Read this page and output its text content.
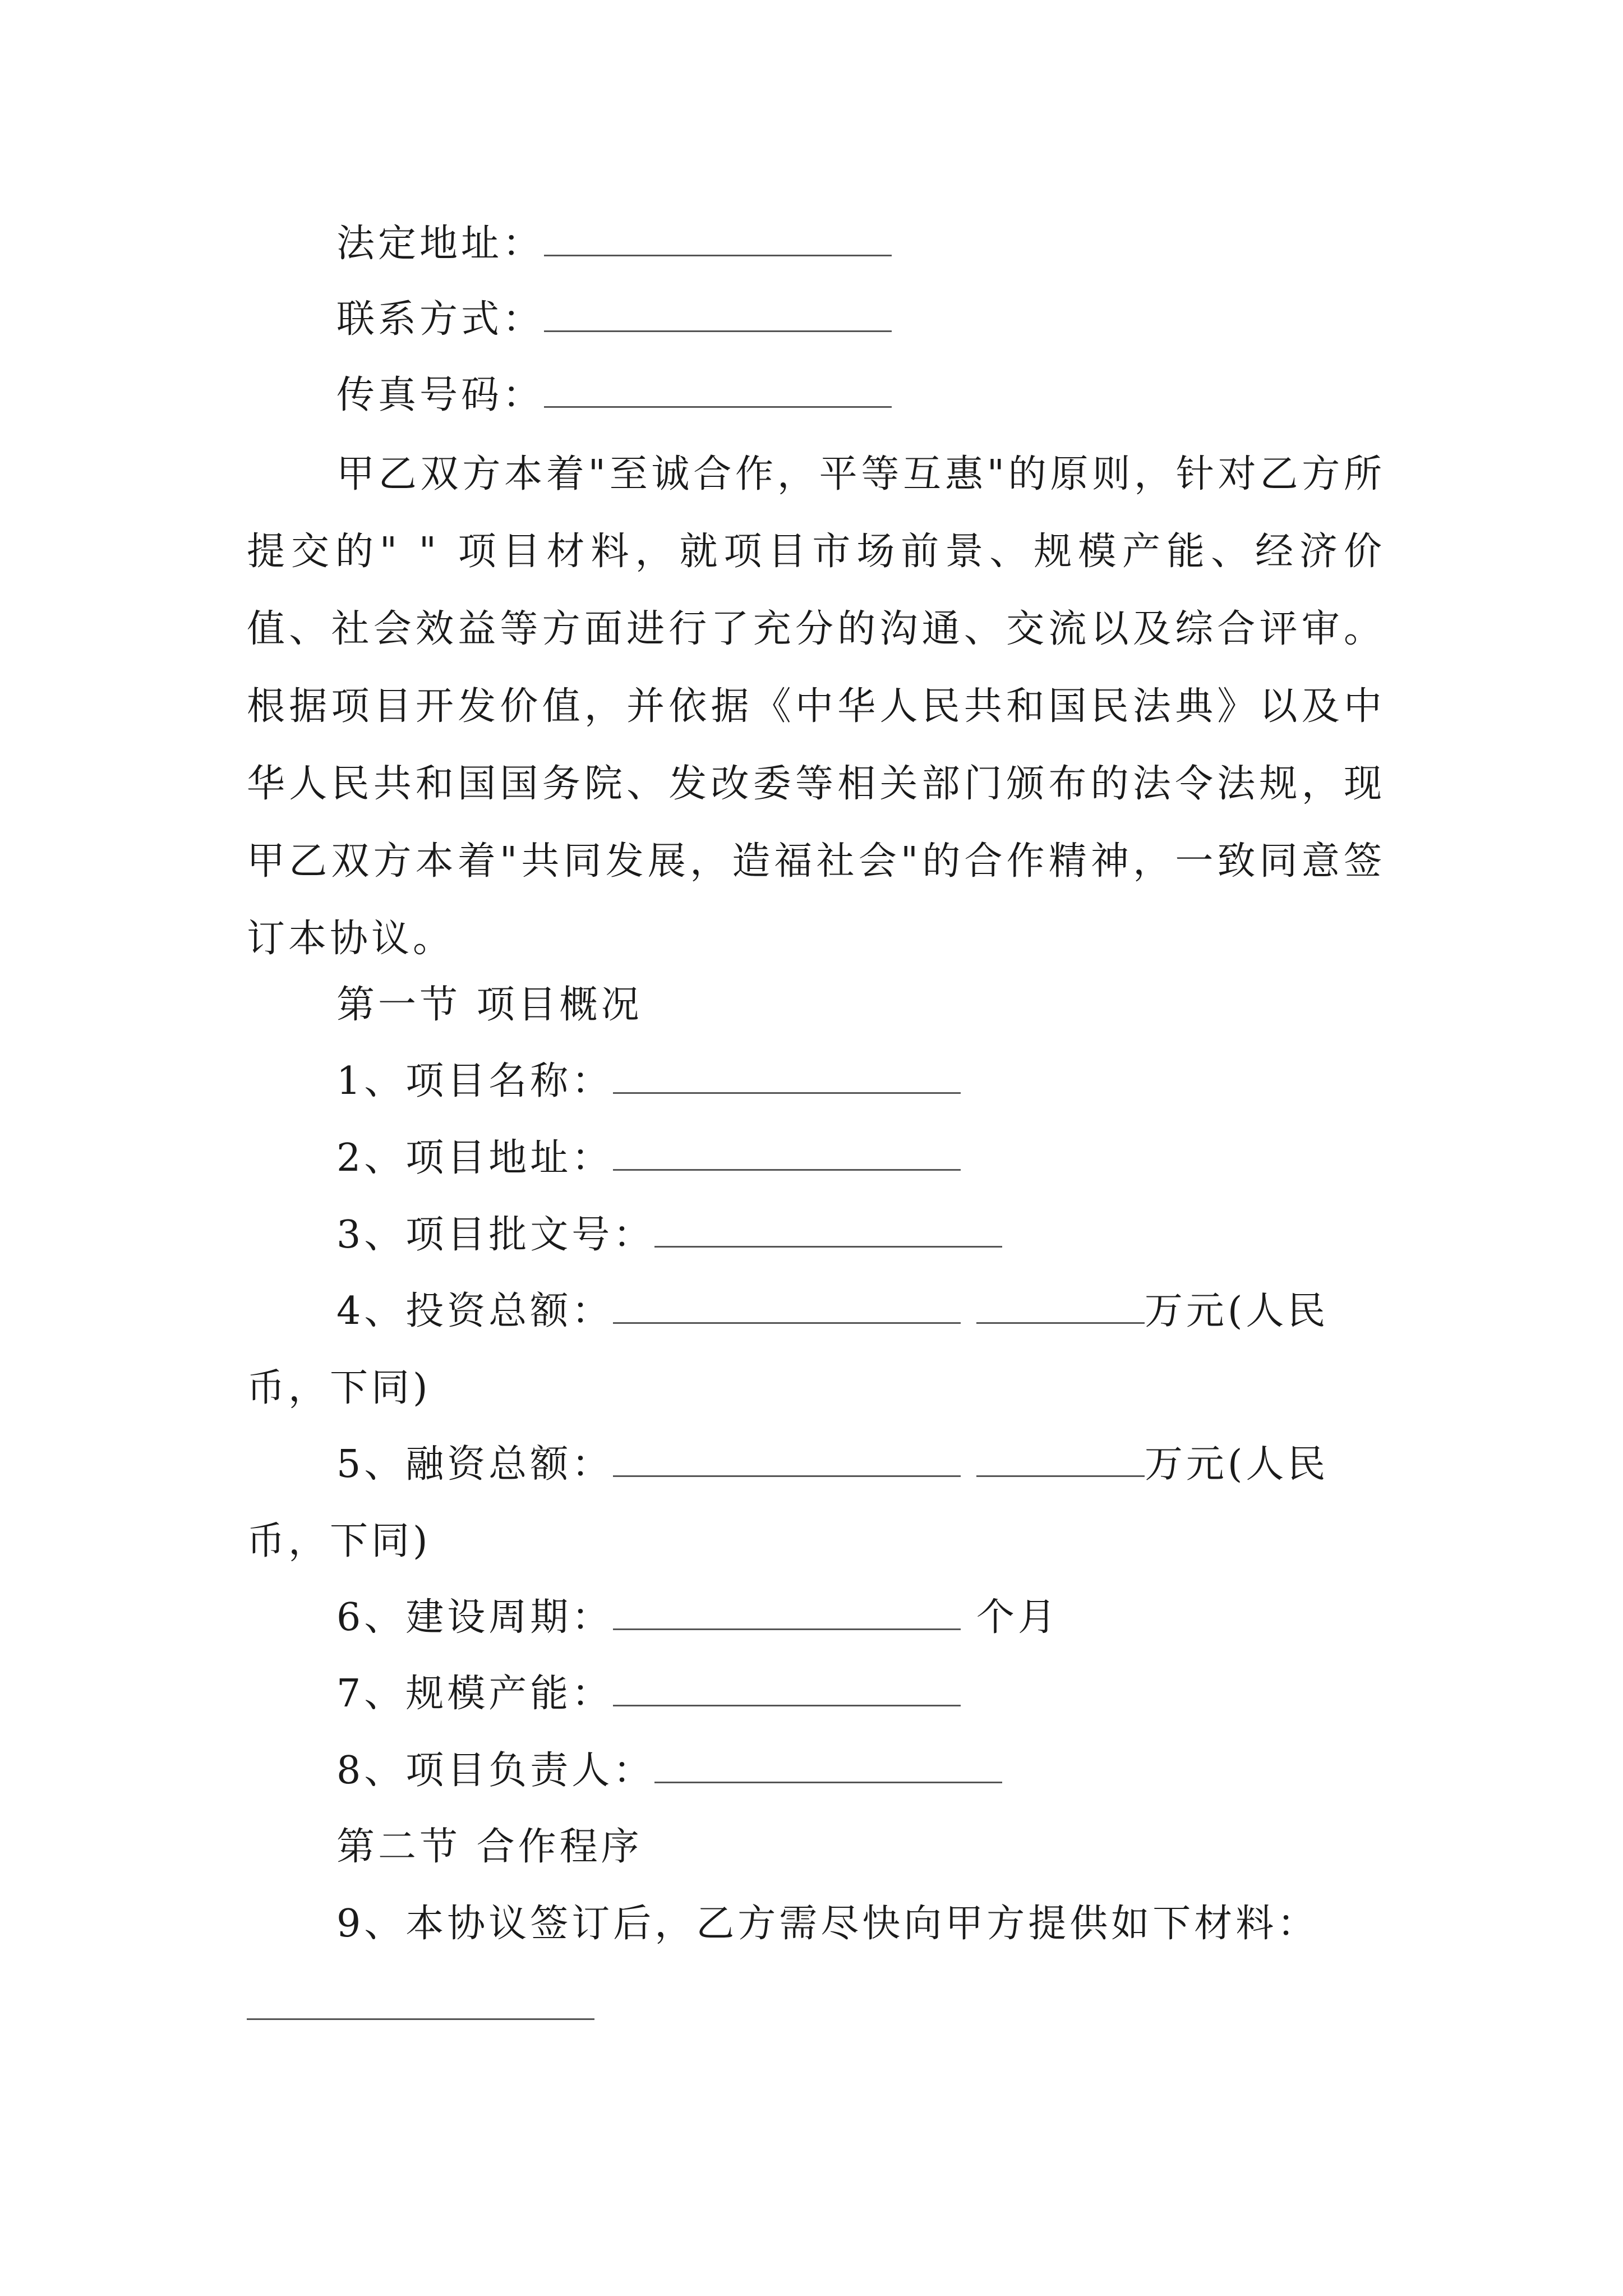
法定地址：
联系方式：
传真号码：
甲乙双方本着"至诚合作，平等互惠"的原则，针对乙方所提交的" " 项目材料，就项目市场前景、规模产能、经济价值、社会效益等方面进行了充分的沟通、交流以及综合评审。根据项目开发价值，并依据《中华人民共和国民法典》以及中华人民共和国国务院、发改委等相关部门颁布的法令法规，现甲乙双方本着"共同发展，造福社会"的合作精神，一致同意签订本协议。
第一节 项目概况
1、项目名称：
2、项目地址：
3、项目批文号：
4、投资总额：	万元(人民
币，下同)
5、融资总额：	万元(人民
币，下同)
6、建设周期：	个月
7、规模产能：
8、项目负责人：
第二节 合作程序
9、本协议签订后，乙方需尽快向甲方提供如下材料：
